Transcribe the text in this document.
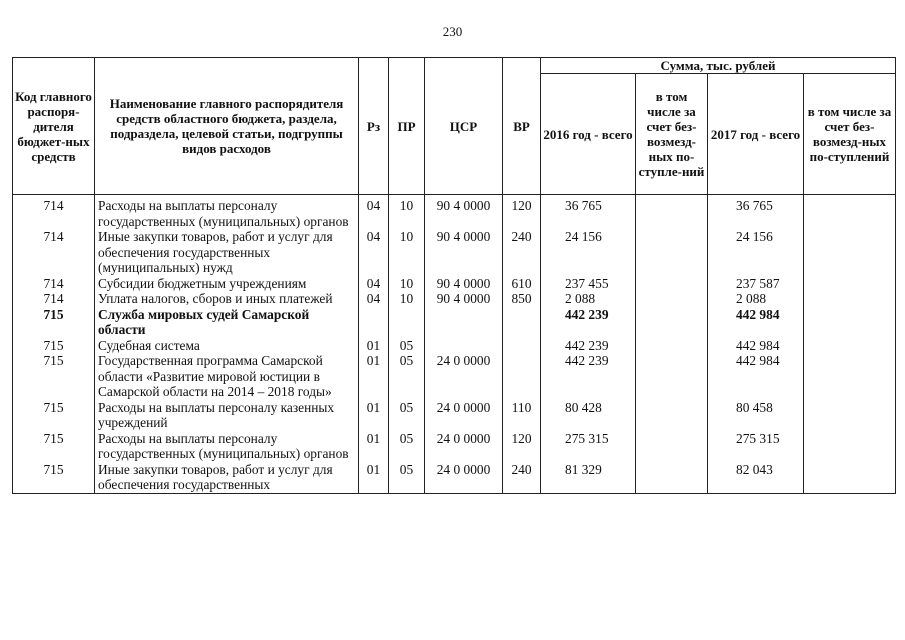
230
Код главного распоря-дителя бюджет-ных средств	Наименование главного распорядителя средств областного бюджета, раздела, подраздела, целевой статьи, подгруппы видов расходов	Рз	ПР	ЦСР	ВР	Сумма, тыс. рублей			
						2016 год - всего	в том числе за счет без-возмезд-ных по-ступле-ний	2017 год - всего	в том числе за счет без-возмезд-ных по-ступлений
714	Расходы на выплаты персоналу государственных (муниципальных) органов	04	10	90 4 0000	120	36 765		36 765	
714	Иные закупки товаров, работ и услуг для обеспечения государственных (муниципальных) нужд	04	10	90 4 0000	240	24 156		24 156	
714	Субсидии бюджетным учреждениям	04	10	90 4 0000	610	237 455		237 587	
714	Уплата налогов, сборов и иных платежей	04	10	90 4 0000	850	2 088		2 088	
715	Служба мировых судей Самарской области					442 239		442 984	
715	Судебная система	01	05			442 239		442 984	
715	Государственная программа Самарской области «Развитие мировой юстиции в Самарской области на 2014 – 2018 годы»	01	05	24 0 0000		442 239		442 984	
715	Расходы на выплаты персоналу казенных учреждений	01	05	24 0 0000	110	80 428		80 458	
715	Расходы на выплаты персоналу государственных (муниципальных) органов	01	05	24 0 0000	120	275 315		275 315	
715	Иные закупки товаров, работ и услуг для обеспечения государственных	01	05	24 0 0000	240	81 329		82 043	
